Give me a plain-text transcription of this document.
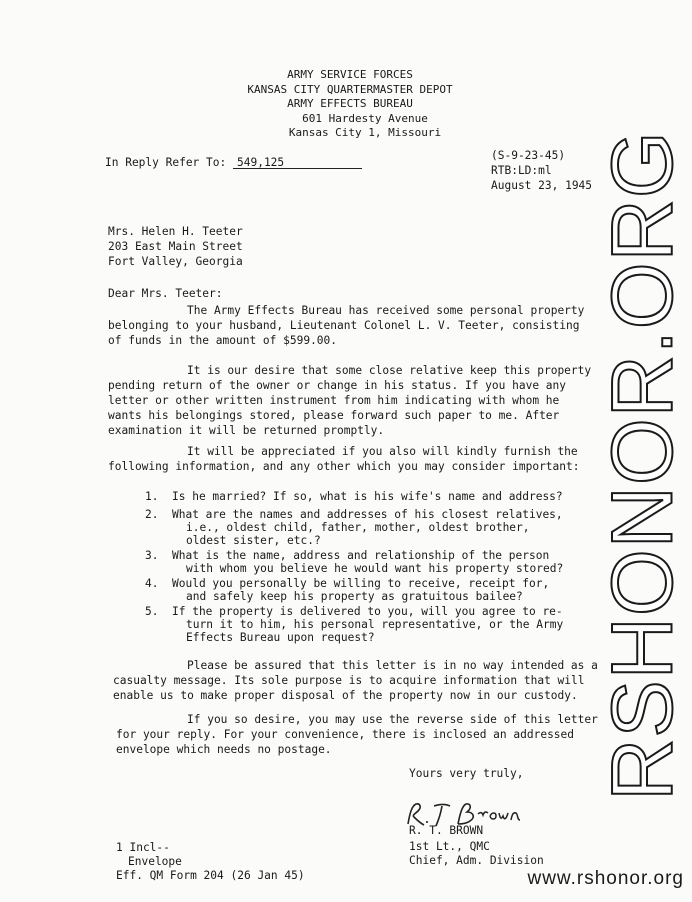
ARMY SERVICE FORCES
KANSAS CITY QUARTERMASTER DEPOT
ARMY EFFECTS BUREAU
601 Hardesty Avenue
Kansas City 1, Missouri
In Reply Refer To: 549,125
(S-9-23-45)
RTB:LD:ml
August 23, 1945
Mrs. Helen H. Teeter
203 East Main Street
Fort Valley, Georgia
Dear Mrs. Teeter:
The Army Effects Bureau has received some personal property
belonging to your husband, Lieutenant Colonel L. V. Teeter, consisting
of funds in the amount of $599.00.
It is our desire that some close relative keep this property
pending return of the owner or change in his status. If you have any
letter or other written instrument from him indicating with whom he
wants his belongings stored, please forward such paper to me. After
examination it will be returned promptly.
It will be appreciated if you also will kindly furnish the
following information, and any other which you may consider important:
1. Is he married? If so, what is his wife's name and address?
2. What are the names and addresses of his closest relatives,
i.e., oldest child, father, mother, oldest brother,
oldest sister, etc.?
3. What is the name, address and relationship of the person
with whom you believe he would want his property stored?
4. Would you personally be willing to receive, receipt for,
and safely keep his property as gratuitous bailee?
5. If the property is delivered to you, will you agree to re-
turn it to him, his personal representative, or the Army
Effects Bureau upon request?
Please be assured that this letter is in no way intended as a
casualty message. Its sole purpose is to acquire information that will
enable us to make proper disposal of the property now in our custody.
If you so desire, you may use the reverse side of this letter
for your reply. For your convenience, there is inclosed an addressed
envelope which needs no postage.
Yours very truly,
R. T. BROWN
1st Lt., QMC
Chief, Adm. Division
1 Incl--
Envelope
Eff. QM Form 204 (26 Jan 45)
RSHONOR.ORG
www.rshonor.org
